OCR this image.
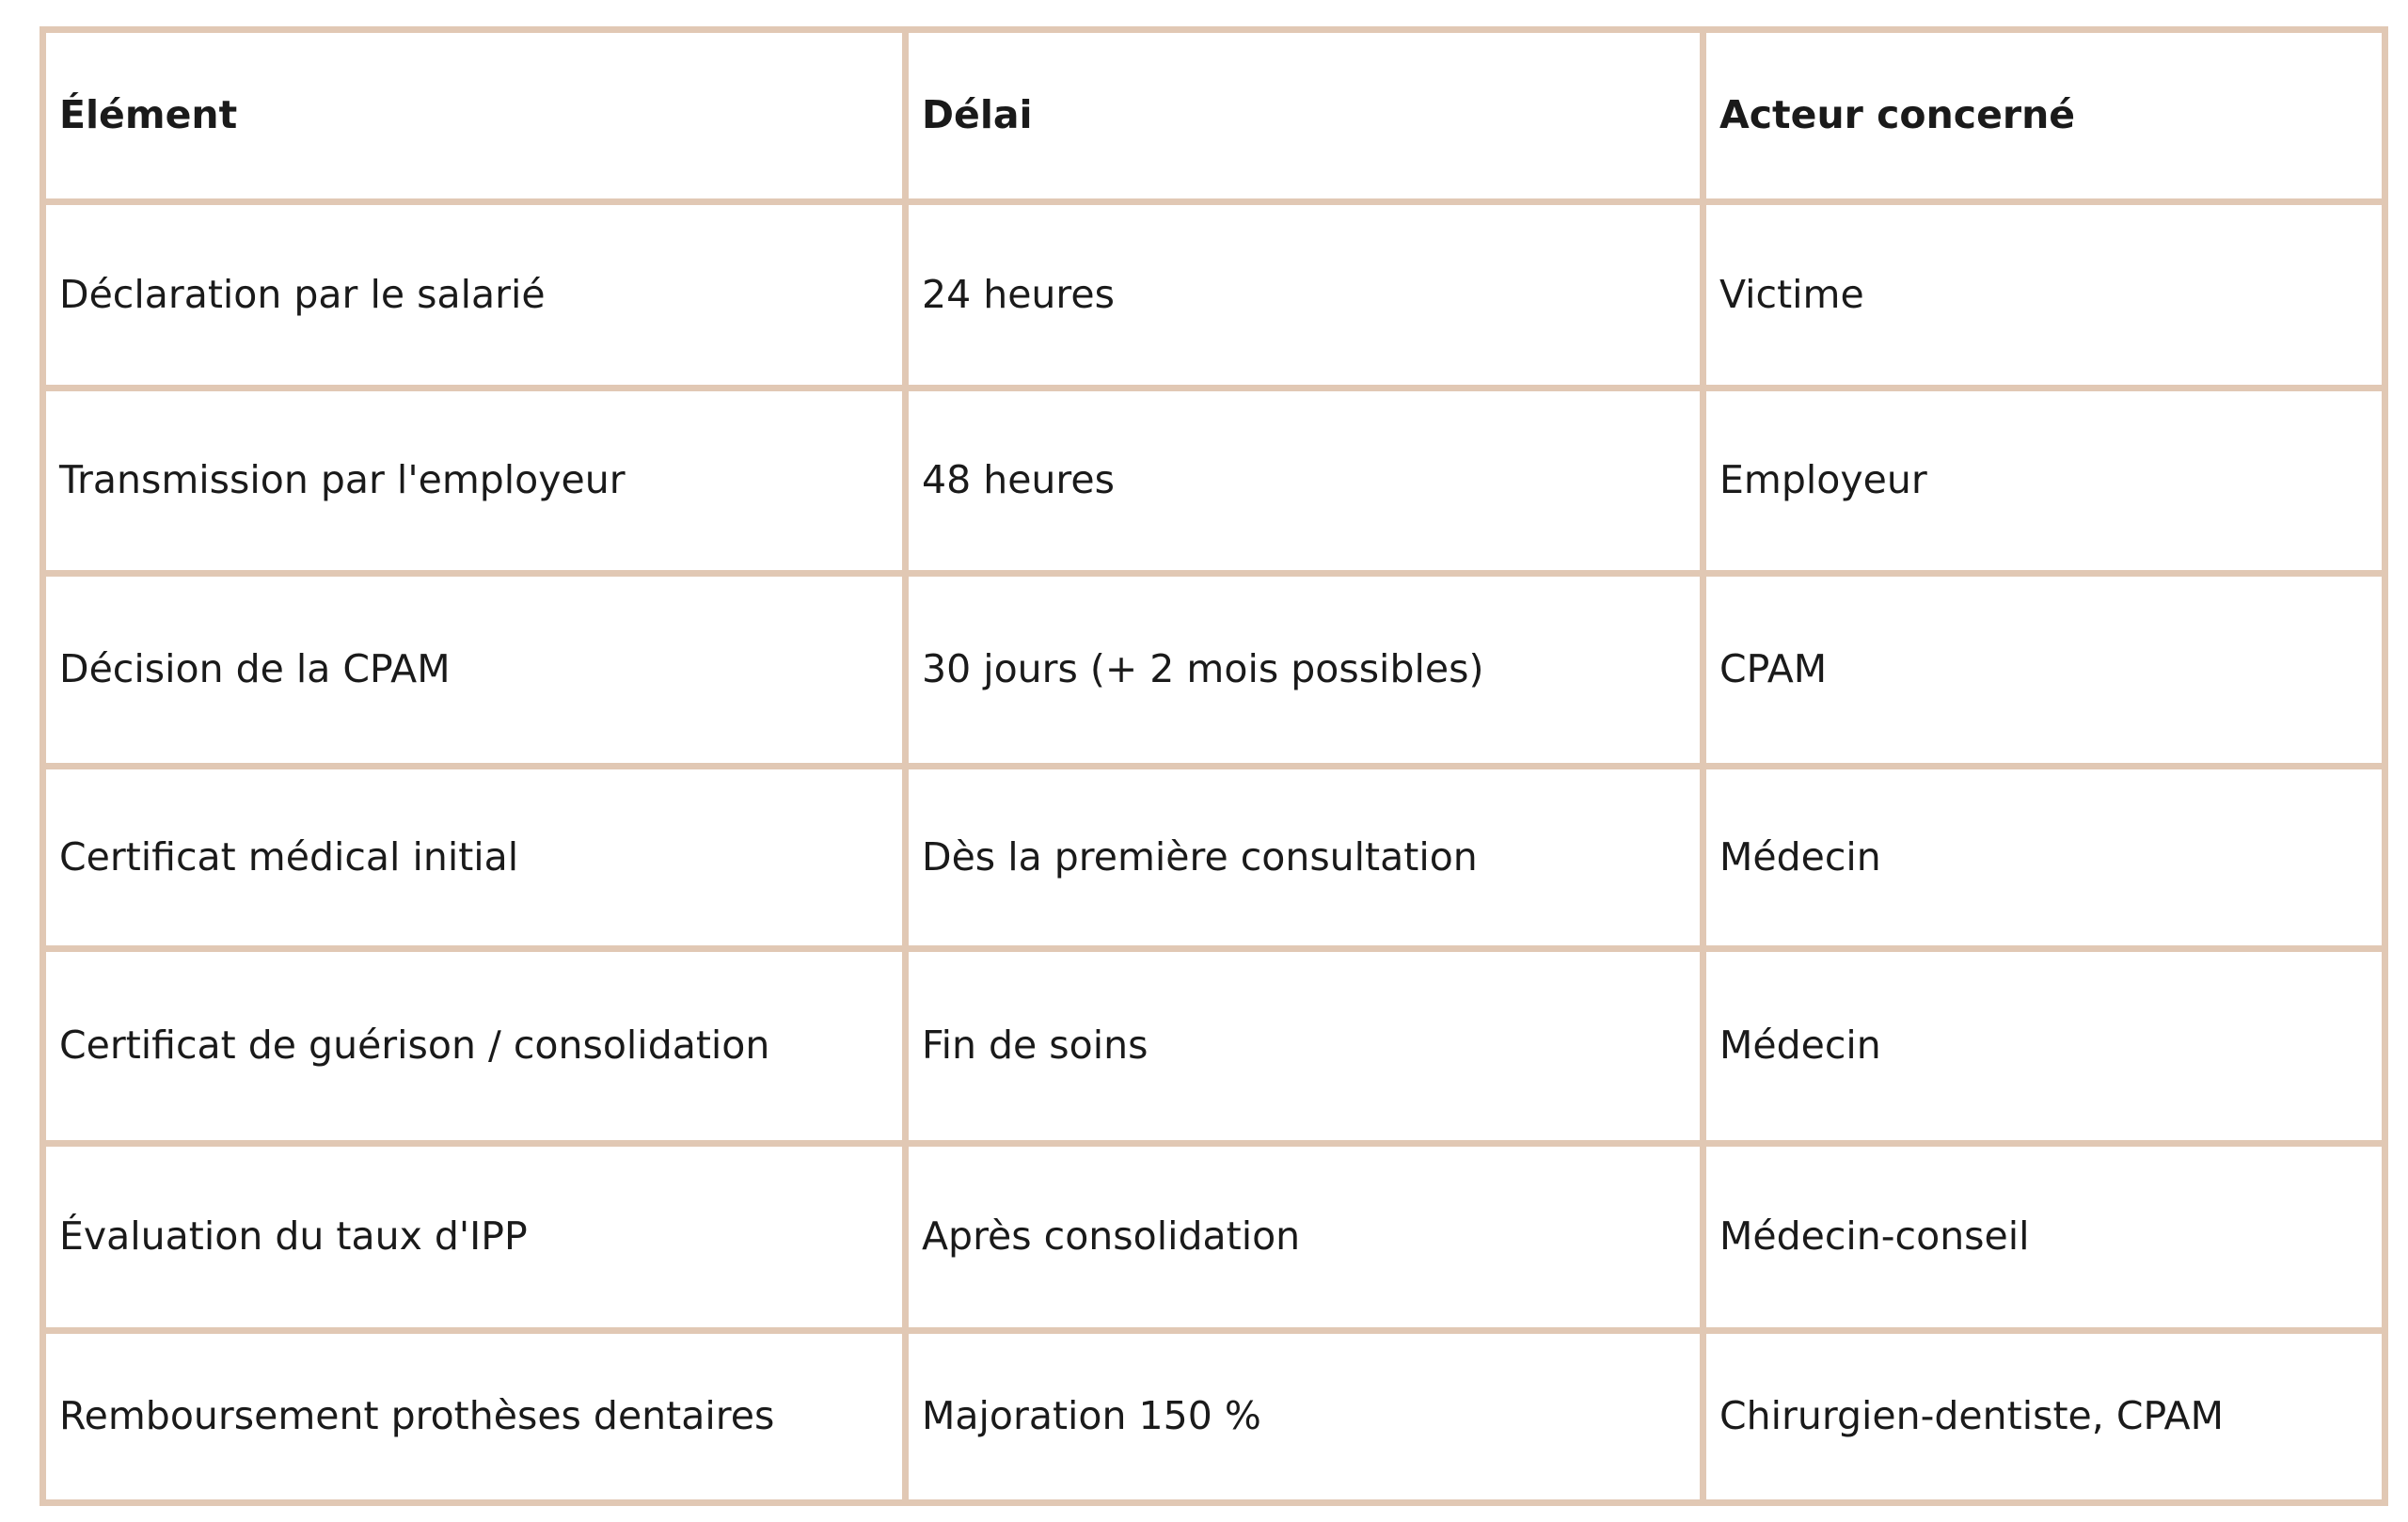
Élément	Délai	Acteur concerné
Déclaration par le salarié	24 heures	Victime
Transmission par l'employeur	48 heures	Employeur
Décision de la CPAM	30 jours (+ 2 mois possibles)	CPAM
Certificat médical initial	Dès la première consultation	Médecin
Certificat de guérison / consolidation	Fin de soins	Médecin
Évaluation du taux d'IPP	Après consolidation	Médecin-conseil
Remboursement prothèses dentaires	Majoration 150 %	Chirurgien-dentiste, CPAM
